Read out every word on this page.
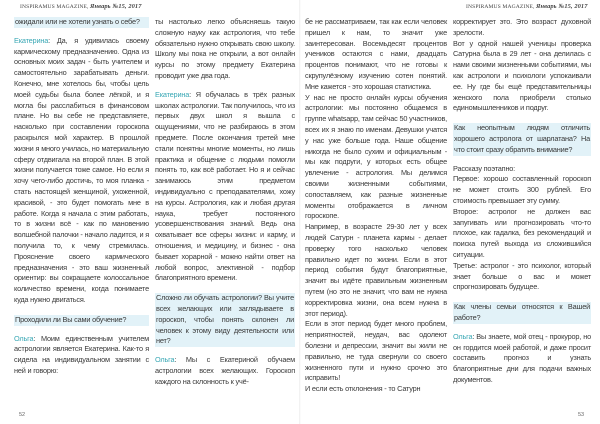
INSPIRAMUS MAGAZINE, Январь №15, 2017	INSPIRAMUS MAGAZINE, Январь №15, 2017

ожидали или не хотели узнать о себе?

Екатерина: Да, я удивилась своему кармическому предназначению. Одна из основных моих задач - быть учителем и самостоятельно зарабатывать деньги. Конечно, мне хотелось бы, чтобы цель моей судьбы была более лёгкой, и я могла бы расслабиться в финансовом плане. Но вы себе не представляете, насколько при составлении гороскопа раскрылся мой характер. В прошлой жизни я много училась, но материальную сферу отдвигала на второй план. В этой жизни получается тоже самое. Но если я хочу чего-либо достичь, то моя планка - стать настоящей женщиной, ухоженной, красивой, - это будет помогать мне в работе. Когда я начала с этим работать, то в жизни всё - как по мановению волшебной палочки - начало ладится, и я получила то, к чему стремилась. Прояснение своего кармического предназначения - это ваш жизненный ориентир: вы сокращаете колоссальное количество времени, когда понимаете куда нужно двигаться.

Проходили ли Вы сами обучение?

Ольга: Моим единственным учителем астрологии является Екатерина. Как-то я сидела на индивидуальном занятии с ней и говорю:

ты настолько легко объясняешь такую сложную науку как астрология, что тебе обязательно нужно открывать свою школу. Школу мы пока не открыли, а вот онлайн курсы по этому предмету Екатерина проводит уже два года.

Екатерина: Я обучалась в трёх разных школах астрологии. Так получилось, что из первых двух школ я вышла с ощущениями, что не разбираюсь в этом предмете. После окончания третей мне стали понятны многие моменты, но лишь практика и общение с людьми помогли понять то, как всё работает. Но я и сейчас занимаюсь этим предметом индивидуально с преподавателями, хожу на курсы. Астрология, как и любая другая наука, требует постоянного усовершенствования знаний. Ведь она охватывает все сферы жизни: и карму, и отношения, и медицину, и бизнес - она бывает хорарной - можно найти ответ на любой вопрос, элективной - подбор благоприятного времени.

Сложно ли обучать астрологии? Вы учите всех желающих или заглядываете в гороскоп, чтобы понять склонен ли человек к этому виду деятельности или нет?

Ольга: Мы с Екатериной обучаем астрологии всех желающих. Гороскоп каждого на склонность к учё-

бе не рассматриваем, так как если человек пришел к нам, то значит уже заинтересован. Восемьдесят процентов учеников остаются с нами, двадцать процентов понимают, что не готовы к скрупулёзному изучению сотен понятий. Мне кажется - это хорошая статистика.

У нас не просто онлайн курсы обучения астрологии: мы постоянно общаемся в группе whatsapp, там сейчас 50 участников, всех их я знаю по именам. Девушки учатся у нас уже больше года. Наше общение никогда не было сухим и официальным - мы как подруги, у которых есть общее увлечение - астрология. Мы делимся своими жизненными событиями, сопоставляем, как разные жизненные моменты отображается в личном гороскопе.

Например, в возрасте 29-30 лет у всех людей Сатурн - планета кармы - делает проверку того насколько человек правильно идет по жизни. Если в этот период события будут благоприятные, значит вы идёте правильным жизненным путем (но это не значит, что вам не нужна корректировка жизни, она всем нужна в этот период).

Если в этот период будет много проблем, неприятностей, неудач, вас одолеют болезни и депрессии, значит вы жили не правильно, не туда свернули со своего жизненного пути и нужно срочно это исправить!

И если есть отклонения - то Сатурн

корректирует это. Это возраст духовной зрелости.

Вот у одной нашей ученицы проверка Сатурна была в 29 лет - она делилась с нами своими жизненными событиями, мы как астрологи и психологи успокаивали ее. Ну где бы ещё представительницы женского пола приобрели столько единомышленников и подруг.

Как неопытным людям отличить хорошего астролога от шарлатана? На что стоит сразу обратить внимание?

Рассказу поэтапно:

Первое: хорошо составленный гороскоп не может стоить 300 рублей. Его стоимость превышает эту сумму.

Второе: астролог не должен вас запугивать или прогнозировать что-то плохое, как гадалка, без рекомендаций и поиска путей выхода из сложившийся ситуации.

Третье: астролог - это психолог, который знает больше о вас и может спрогнозировать будущее.

Как члены семьи относятся к Вашей работе?

Ольга: Вы знаете, мой отец - прокурор, но он гордится моей работой, и даже просит составить прогноз и узнать благоприятные дни для подачи важных документов.

52	53
